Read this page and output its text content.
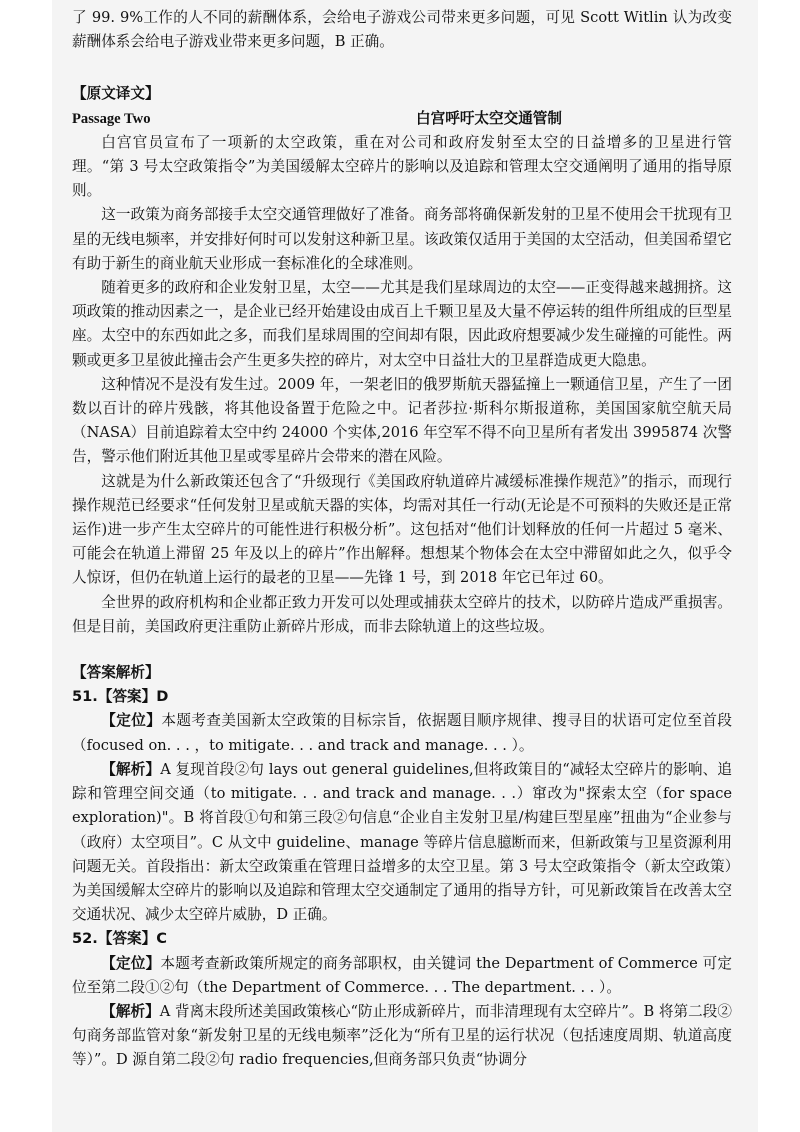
了 99. 9%工作的人不同的薪酬体系，会给电子游戏公司带来更多问题，可见 Scott Witlin 认为改变薪酬体系会给电子游戏业带来更多问题，B 正确。

【原文译文】

Passage Two	白宫呼吁太空交通管制

白宫官员宣布了一项新的太空政策，重在对公司和政府发射至太空的日益增多的卫星进行管理。“第 3 号太空政策指令”为美国缓解太空碎片的影响以及追踪和管理太空交通阐明了通用的指导原则。

这一政策为商务部接手太空交通管理做好了准备。商务部将确保新发射的卫星不使用会干扰现有卫星的无线电频率，并安排好何时可以发射这种新卫星。该政策仅适用于美国的太空活动，但美国希望它有助于新生的商业航天业形成一套标准化的全球准则。

随着更多的政府和企业发射卫星，太空——尤其是我们星球周边的太空——正变得越来越拥挤。这项政策的推动因素之一，是企业已经开始建设由成百上千颗卫星及大量不停运转的组件所组成的巨型星座。太空中的东西如此之多，而我们星球周围的空间却有限，因此政府想要减少发生碰撞的可能性。两颗或更多卫星彼此撞击会产生更多失控的碎片，对太空中日益壮大的卫星群造成更大隐患。

这种情况不是没有发生过。2009 年，一架老旧的俄罗斯航天器猛撞上一颗通信卫星，产生了一团数以百计的碎片残骸，将其他设备置于危险之中。记者莎拉·斯科尔斯报道称，美国国家航空航天局（NASA）目前追踪着太空中约 24000 个实体,2016 年空军不得不向卫星所有者发出 3995874 次警告，警示他们附近其他卫星或零星碎片会带来的潜在风险。

这就是为什么新政策还包含了“升级现行《美国政府轨道碎片减缓标准操作规范》”的指示，而现行操作规范已经要求“任何发射卫星或航天器的实体，均需对其任一行动(无论是不可预料的失败还是正常运作)进一步产生太空碎片的可能性进行积极分析”。这包括对“他们计划释放的任何一片超过 5 毫米、可能会在轨道上滞留 25 年及以上的碎片”作出解释。想想某个物体会在太空中滞留如此之久，似乎令人惊讶，但仍在轨道上运行的最老的卫星——先锋 1 号，到 2018 年它已年过 60。

全世界的政府机构和企业都正致力开发可以处理或捕获太空碎片的技术，以防碎片造成严重损害。但是目前，美国政府更注重防止新碎片形成，而非去除轨道上的这些垃圾。

【答案解析】

51.【答案】D

【定位】本题考查美国新太空政策的目标宗旨，依据题目顺序规律、搜寻目的状语可定位至首段（focused on. . . ，to mitigate. . . and track and manage. . . ）。

【解析】A 复现首段②句 lays out general guidelines,但将政策目的“减轻太空碎片的影响、追踪和管理空间交通（to mitigate. . . and track and manage. . .）窜改为"探索太空（for space exploration)"。B 将首段①句和第三段②句信息“企业自主发射卫星/构建巨型星座”扭曲为“企业参与（政府）太空项目”。C 从文中 guideline、manage 等碎片信息臆断而来，但新政策与卫星资源利用问题无关。首段指出：新太空政策重在管理日益增多的太空卫星。第 3 号太空政策指令（新太空政策）为美国缓解太空碎片的影响以及追踪和管理太空交通制定了通用的指导方针，可见新政策旨在改善太空交通状况、减少太空碎片威胁，D 正确。

52.【答案】C

【定位】本题考查新政策所规定的商务部职权，由关键词 the Department of Commerce 可定位至第二段①②句（the Department of Commerce. . . The department. . . ）。

【解析】A 背离末段所述美国政策核心“防止形成新碎片，而非清理现有太空碎片”。B 将第二段②句商务部监管对象“新发射卫星的无线电频率”泛化为“所有卫星的运行状况（包括速度周期、轨道高度等）”。D 源自第二段②句 radio frequencies,但商务部只负责“协调分
